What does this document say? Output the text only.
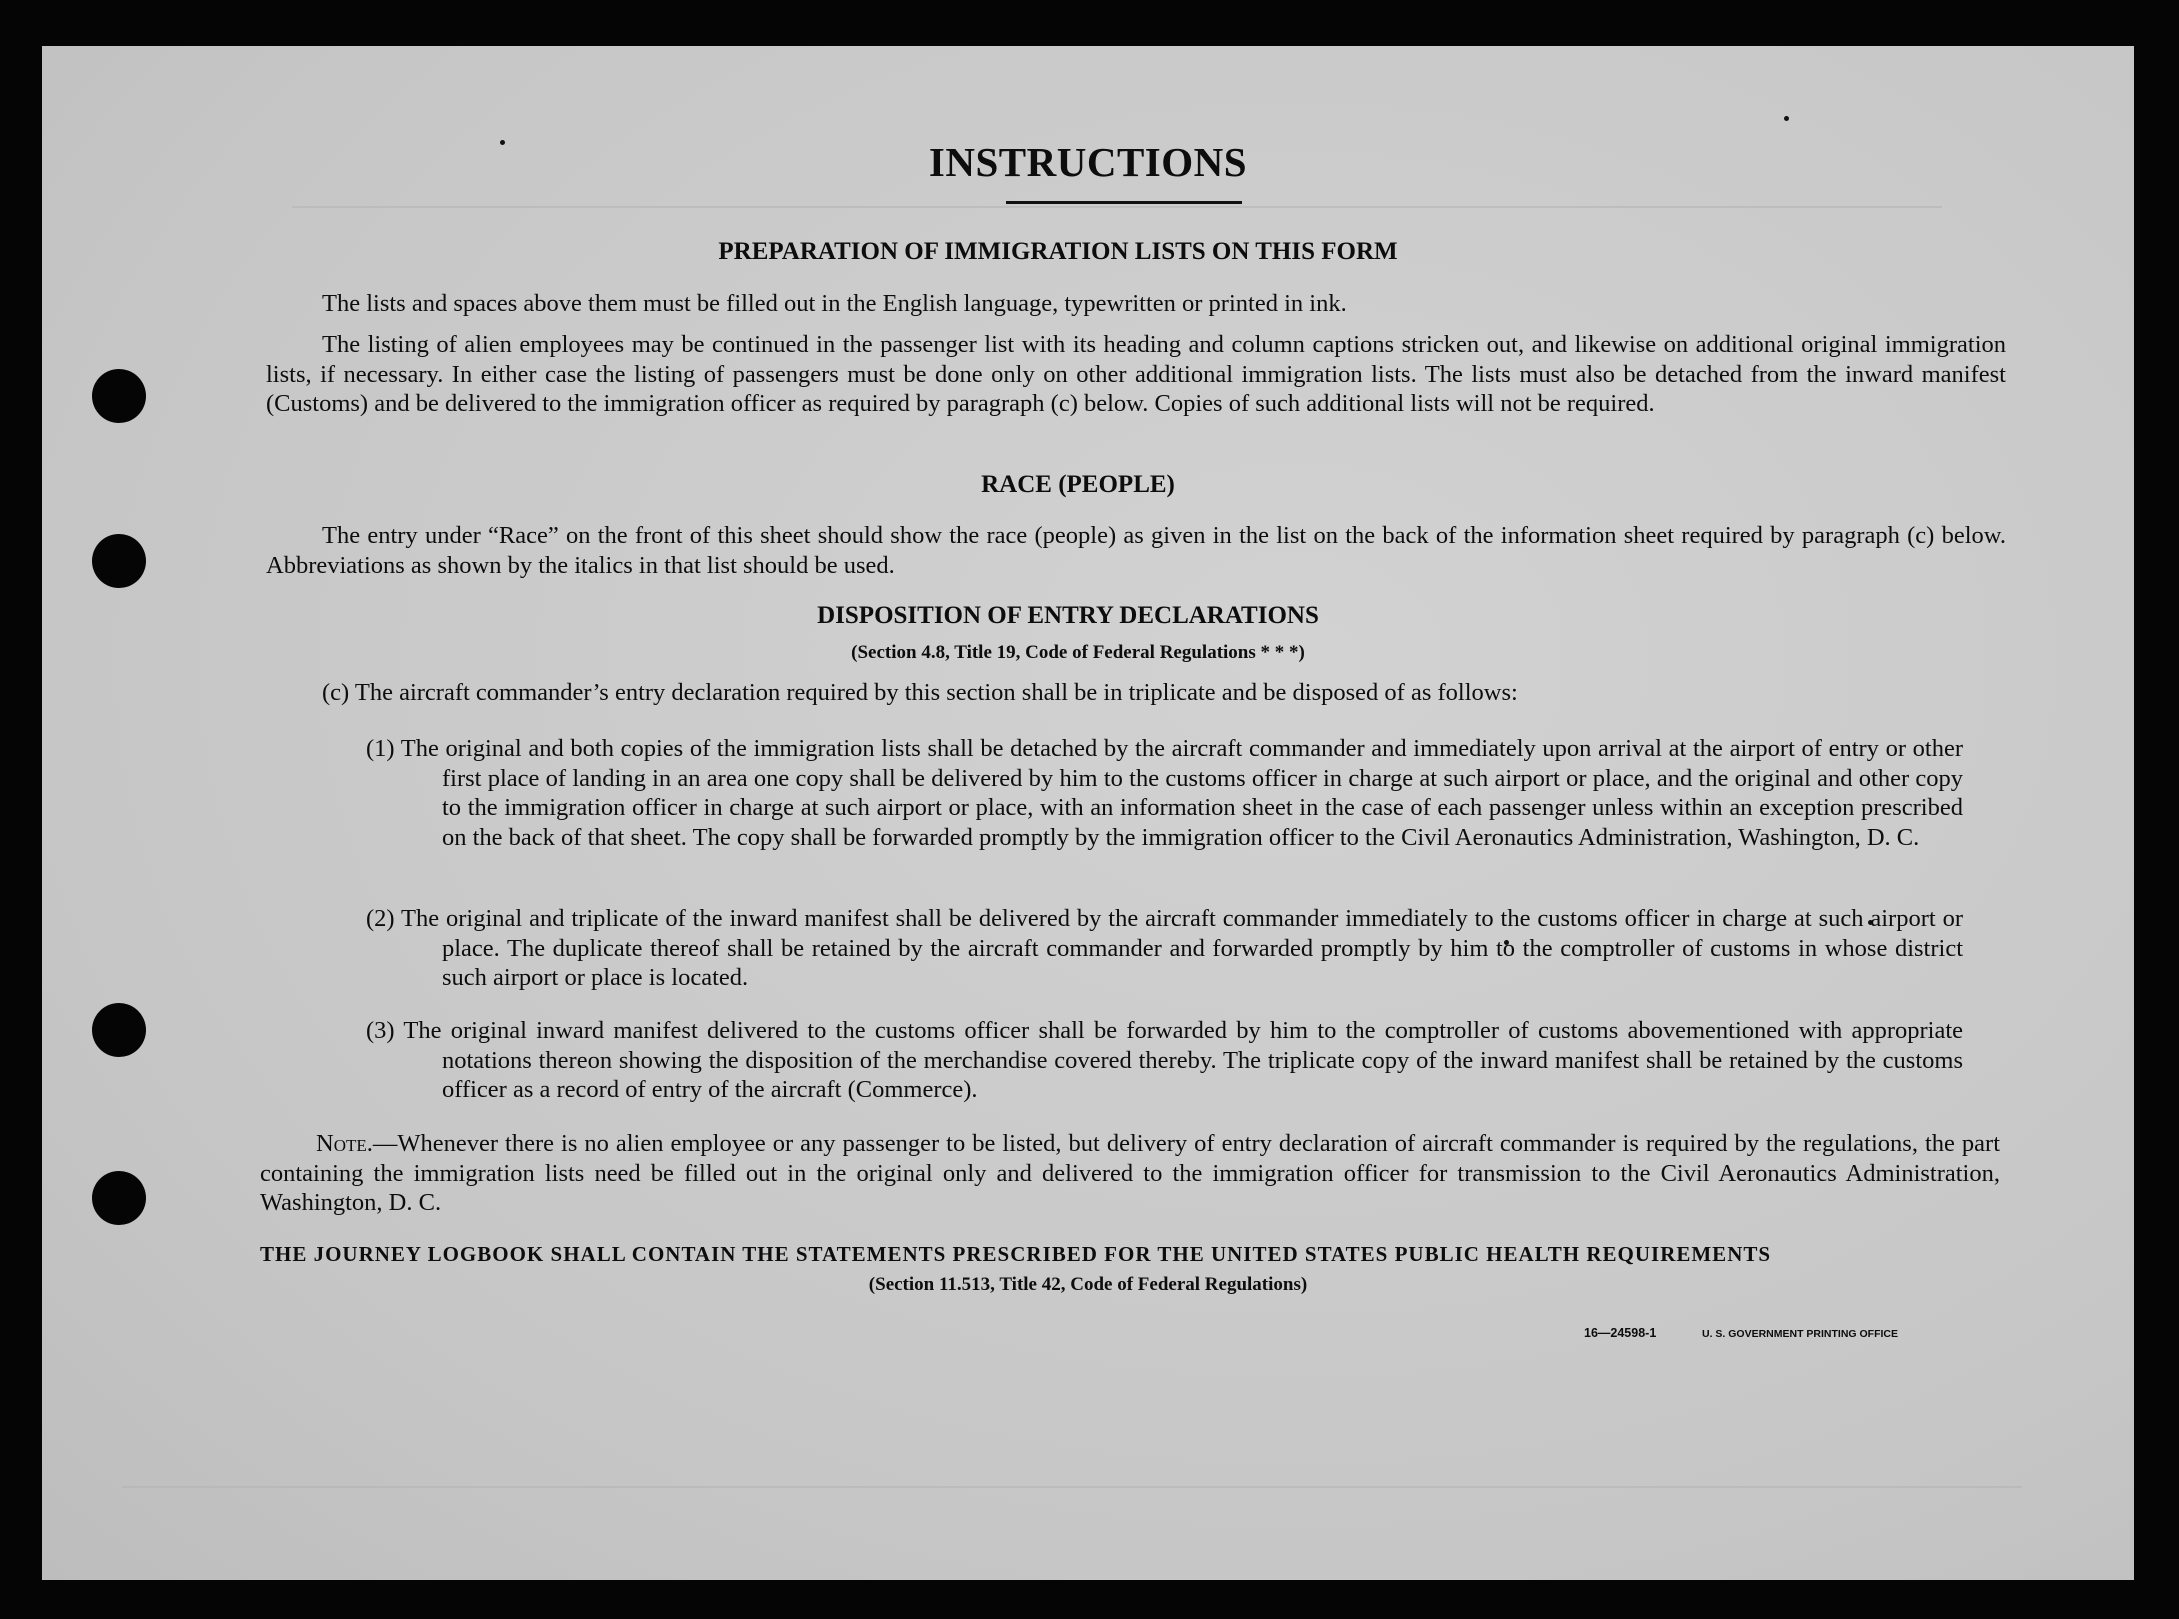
INSTRUCTIONS
PREPARATION OF IMMIGRATION LISTS ON THIS FORM
The lists and spaces above them must be filled out in the English language, typewritten or printed in ink.
The listing of alien employees may be continued in the passenger list with its heading and column captions stricken out, and likewise on additional original immigration lists, if necessary. In either case the listing of passengers must be done only on other additional immigration lists. The lists must also be detached from the inward manifest (Customs) and be delivered to the immigration officer as required by paragraph (c) below. Copies of such additional lists will not be required.
RACE (PEOPLE)
The entry under “Race” on the front of this sheet should show the race (people) as given in the list on the back of the information sheet required by paragraph (c) below. Abbreviations as shown by the italics in that list should be used.
DISPOSITION OF ENTRY DECLARATIONS
(Section 4.8, Title 19, Code of Federal Regulations * * *)
(c) The aircraft commander’s entry declaration required by this section shall be in triplicate and be disposed of as follows:
(1) The original and both copies of the immigration lists shall be detached by the aircraft commander and immediately upon arrival at the airport of entry or other first place of landing in an area one copy shall be delivered by him to the customs officer in charge at such airport or place, and the original and other copy to the immigration officer in charge at such airport or place, with an information sheet in the case of each passenger unless within an exception prescribed on the back of that sheet. The copy shall be forwarded promptly by the immigration officer to the Civil Aeronautics Administration, Washington, D. C.
(2) The original and triplicate of the inward manifest shall be delivered by the aircraft commander immediately to the customs officer in charge at such airport or place. The duplicate thereof shall be retained by the aircraft commander and forwarded promptly by him to the comptroller of customs in whose district such airport or place is located.
(3) The original inward manifest delivered to the customs officer shall be forwarded by him to the comptroller of customs abovementioned with appropriate notations thereon showing the disposition of the merchandise covered thereby. The triplicate copy of the inward manifest shall be retained by the customs officer as a record of entry of the aircraft (Commerce).
Note.—Whenever there is no alien employee or any passenger to be listed, but delivery of entry declaration of aircraft commander is required by the regulations, the part containing the immigration lists need be filled out in the original only and delivered to the immigration officer for transmission to the Civil Aeronautics Administration, Washington, D. C.
THE JOURNEY LOGBOOK SHALL CONTAIN THE STATEMENTS PRESCRIBED FOR THE UNITED STATES PUBLIC HEALTH REQUIREMENTS
(Section 11.513, Title 42, Code of Federal Regulations)
16—24598-1	U. S. GOVERNMENT PRINTING OFFICE
